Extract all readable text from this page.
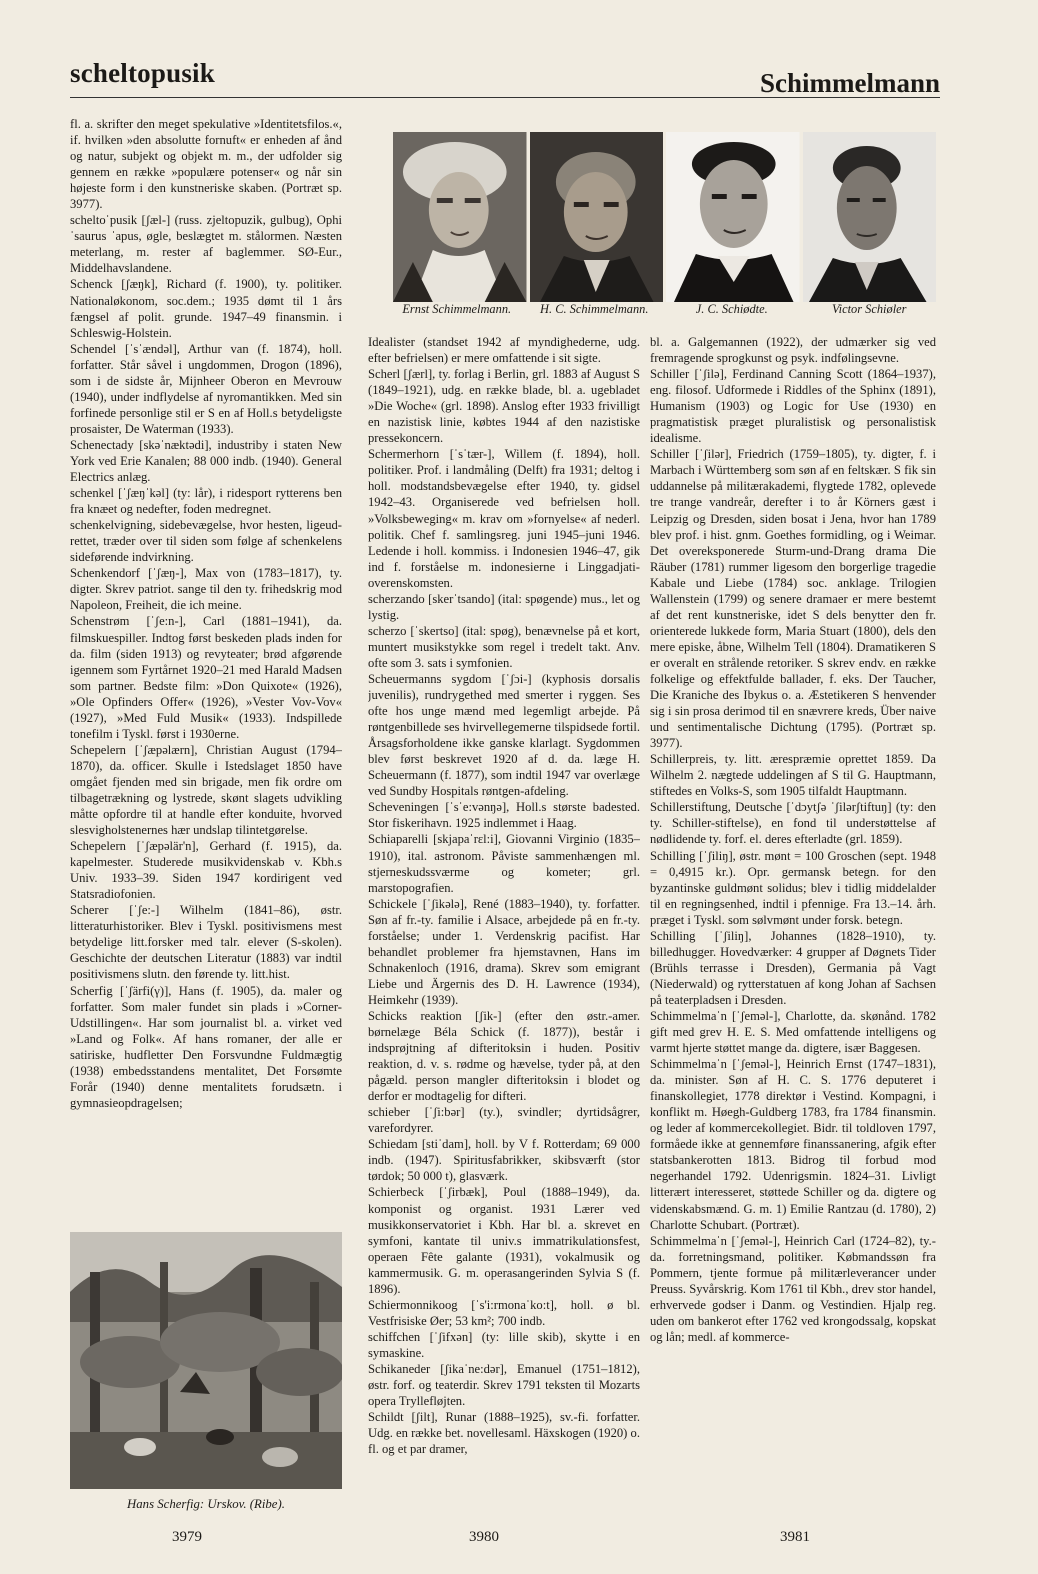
scheltopusik	Schimmelmann

fl. a. skrifter den meget spekulative »Identitetsfilos.«, if. hvilken »den absolutte fornuft« er enheden af ånd og natur, subjekt og objekt m. m., der udfolder sig gennem en række »populære potenser« og når sin højeste form i den kunstneriske skaben. (Portræt sp. 3977).

scheltoˈpusik [ʃæl-] (russ. zjeltopuzik, gulbug), Ophiˈsaurus ˈapus, øgle, beslægtet m. stålormen. Næsten meterlang, m. rester af baglemmer. SØ-Eur., Middelhavslandene.

Schenck [ʃæŋk], Richard (f. 1900), ty. politiker. Nationaløkonom, soc.dem.; 1935 dømt til 1 års fængsel af polit. grunde. 1947–49 finansmin. i Schleswig-Holstein.

Schendel [ˈsˈændəl], Arthur van (f. 1874), holl. forfatter. Står såvel i ungdommen, Drogon (1896), som i de sidste år, Mijnheer Oberon en Mevrouw (1940), under indflydelse af nyromantikken. Med sin forfinede personlige stil er S en af Holl.s betydeligste prosaister, De Waterman (1933).

Schenectady [skəˈnæktədi], industriby i staten New York ved Erie Kanalen; 88 000 indb. (1940). General Electrics anlæg.

schenkel [ˈʃæŋˈkəl] (ty: lår), i ridesport rytterens ben fra knæet og nedefter, foden medregnet.

schenkelvigning, sidebevægelse, hvor hesten, ligeud-rettet, træder over til siden som følge af schenkelens sideførende indvirkning.

Schenkendorf [ˈʃæŋ-], Max von (1783–1817), ty. digter. Skrev patriot. sange til den ty. frihedskrig mod Napoleon, Freiheit, die ich meine.

Schenstrøm [ˈʃe:n-], Carl (1881–1941), da. filmskuespiller. Indtog først beskeden plads inden for da. film (siden 1913) og revyteater; brød afgørende igennem som Fyrtårnet 1920–21 med Harald Madsen som partner. Bedste film: »Don Quixote« (1926), »Ole Opfinders Offer« (1926), »Vester Vov-Vov« (1927), »Med Fuld Musik« (1933). Indspillede tonefilm i Tyskl. først i 1930erne.

Schepelern [ˈʃæpəlærn], Christian August (1794–1870), da. officer. Skulle i Istedslaget 1850 have omgået fjenden med sin brigade, men fik ordre om tilbagetrækning og lystrede, skønt slagets udvikling måtte opfordre til at handle efter konduite, hvorved slesvigholstenernes hær undslap tilintetgørelse.

Schepelern [ˈʃæpəlär'n], Gerhard (f. 1915), da. kapelmester. Studerede musikvidenskab v. Kbh.s Univ. 1933–39. Siden 1947 kordirigent ved Statsradiofonien.

Scherer [ˈʃe:-] Wilhelm (1841–86), østr. litteraturhistoriker. Blev i Tyskl. positivismens mest betydelige litt.forsker med talr. elever (S-skolen). Geschichte der deutschen Literatur (1883) var indtil positivismens slutn. den førende ty. litt.hist.

Scherfig [ˈʃärfi(γ)], Hans (f. 1905), da. maler og forfatter. Som maler fundet sin plads i »Corner-Udstillingen«. Har som journalist bl. a. virket ved »Land og Folk«. Af hans romaner, der alle er satiriske, hudfletter Den Forsvundne Fuldmægtig (1938) embedsstandens mentalitet, Det Forsømte Forår (1940) denne mentalitets forudsætn. i gymnasieopdragelsen;

Ernst Schimmelmann.	H. C. Schimmelmann.	J. C. Schiødte.	Victor Schiøler

Idealister (standset 1942 af myndighederne, udg. efter befrielsen) er mere omfattende i sit sigte.

Scherl [ʃærl], ty. forlag i Berlin, grl. 1883 af August S (1849–1921), udg. en række blade, bl. a. ugebladet »Die Woche« (grl. 1898). Anslog efter 1933 frivilligt en nazistisk linie, købtes 1944 af den nazistiske pressekoncern.

Schermerhorn [ˈsˈtær-], Willem (f. 1894), holl. politiker. Prof. i landmåling (Delft) fra 1931; deltog i holl. modstandsbevægelse efter 1940, ty. gidsel 1942–43. Organiserede ved befrielsen holl. »Volksbeweging« m. krav om »fornyelse« af nederl. politik. Chef f. samlingsreg. juni 1945–juni 1946. Ledende i holl. kommiss. i Indonesien 1946–47, gik ind f. forståelse m. indonesierne i Linggadjati-overenskomsten.

scherzando [skerˈtsando] (ital: spøgende) mus., let og lystig.

scherzo [ˈskertso] (ital: spøg), benævnelse på et kort, muntert musikstykke som regel i tredelt takt. Anv. ofte som 3. sats i symfonien.

Scheuermanns sygdom [ˈʃɔi-] (kyphosis dorsalis juvenilis), rundrygethed med smerter i ryggen. Ses ofte hos unge mænd med legemligt arbejde. På røntgenbillede ses hvirvellegemerne tilspidsede fortil. Årsagsforholdene ikke ganske klarlagt. Sygdommen blev først beskrevet 1920 af d. da. læge H. Scheuermann (f. 1877), som indtil 1947 var overlæge ved Sundby Hospitals røntgen-afdeling.

Scheveningen [ˈsˈe:vənŋə], Holl.s største badested. Stor fiskerihavn. 1925 indlemmet i Haag.

Schiaparelli [skjapaˈrɛl:i], Giovanni Virginio (1835–1910), ital. astronom. Påviste sammenhængen ml. stjerneskudssværme og kometer; grl. marstopografien.

Schickele [ˈʃikələ], René (1883–1940), ty. forfatter. Søn af fr.-ty. familie i Alsace, arbejdede på en fr.-ty. forståelse; under 1. Verdenskrig pacifist. Har behandlet problemer fra hjemstavnen, Hans im Schnakenloch (1916, drama). Skrev som emigrant Liebe und Ärgernis des D. H. Lawrence (1934), Heimkehr (1939).

Schicks reaktion [ʃik-] (efter den østr.-amer. børnelæge Béla Schick (f. 1877)), består i indsprøjtning af difteritoksin i huden. Positiv reaktion, d. v. s. rødme og hævelse, tyder på, at den pågæld. person mangler difteritoksin i blodet og derfor er modtagelig for difteri.

schieber [ˈʃi:bər] (ty.), svindler; dyrtidsågrer, varefordyrer.

Schiedam [stiˈdam], holl. by V f. Rotterdam; 69 000 indb. (1947). Spiritusfabrikker, skibsværft (stor tørdok; 50 000 t), glasværk.

Schierbeck [ˈʃirbæk], Poul (1888–1949), da. komponist og organist. 1931 Lærer ved musikkonservatoriet i Kbh. Har bl. a. skrevet en symfoni, kantate til univ.s immatrikulationsfest, operaen Fête galante (1931), vokalmusik og kammermusik. G. m. operasangerinden Sylvia S (f. 1896).

Schiermonnikoog [ˈs'i:rmonaˈko:t], holl. ø bl. Vestfrisiske Øer; 53 km²; 700 indb.

schiffchen [ˈʃifxən] (ty: lille skib), skytte i en symaskine.

Schikaneder [ʃikaˈne:dər], Emanuel (1751–1812), østr. forf. og teaterdir. Skrev 1791 teksten til Mozarts opera Tryllefløjten.

Schildt [ʃilt], Runar (1888–1925), sv.-fi. forfatter. Udg. en række bet. novellesaml. Häxskogen (1920) o. fl. og et par dramer,

bl. a. Galgemannen (1922), der udmærker sig ved fremragende sprogkunst og psyk. indfølingsevne.

Schiller [ˈʃilə], Ferdinand Canning Scott (1864–1937), eng. filosof. Udformede i Riddles of the Sphinx (1891), Humanism (1903) og Logic for Use (1930) en pragmatistisk præget pluralistisk og personalistisk idealisme.

Schiller [ˈʃilər], Friedrich (1759–1805), ty. digter, f. i Marbach i Württemberg som søn af en feltskær. S fik sin uddannelse på militærakademi, flygtede 1782, oplevede tre trange vandreår, derefter i to år Körners gæst i Leipzig og Dresden, siden bosat i Jena, hvor han 1789 blev prof. i hist. gnm. Goethes formidling, og i Weimar. Det overeksponerede Sturm-und-Drang drama Die Räuber (1781) rummer ligesom den borgerlige tragedie Kabale und Liebe (1784) soc. anklage. Trilogien Wallenstein (1799) og senere dramaer er mere bestemt af det rent kunstneriske, idet S dels benytter den fr. orienterede lukkede form, Maria Stuart (1800), dels den mere episke, åbne, Wilhelm Tell (1804). Dramatikeren S er overalt en strålende retoriker. S skrev endv. en række folkelige og effektfulde ballader, f. eks. Der Taucher, Die Kraniche des Ibykus o. a. Æstetikeren S henvender sig i sin prosa derimod til en snævrere kreds, Über naive und sentimentalische Dichtung (1795). (Portræt sp. 3977).

Schillerpreis, ty. litt. ærespræmie oprettet 1859. Da Wilhelm 2. nægtede uddelingen af S til G. Hauptmann, stiftedes en Volks-S, som 1905 tilfaldt Hauptmann.

Schillerstiftung, Deutsche [ˈdɔytʃə ˈʃilərʃtiftuŋ] (ty: den ty. Schiller-stiftelse), en fond til understøttelse af nødlidende ty. forf. el. deres efterladte (grl. 1859).

Schilling [ˈʃiliŋ], østr. mønt = 100 Groschen (sept. 1948 = 0,4915 kr.). Opr. germansk betegn. for den byzantinske guldmønt solidus; blev i tidlig middelalder til en regningsenhed, indtil i pfennige. Fra 13.–14. årh. præget i Tyskl. som sølvmønt under forsk. betegn.

Schilling [ˈʃiliŋ], Johannes (1828–1910), ty. billedhugger. Hovedværker: 4 grupper af Døgnets Tider (Brühls terrasse i Dresden), Germania på Vagt (Niederwald) og rytterstatuen af kong Johan af Sachsen på teaterpladsen i Dresden.

Schimmelmaˈn [ˈʃeməl-], Charlotte, da. skønånd. 1782 gift med grev H. E. S. Med omfattende intelligens og varmt hjerte støttet mange da. digtere, især Baggesen.

Schimmelmaˈn [ˈʃeməl-], Heinrich Ernst (1747–1831), da. minister. Søn af H. C. S. 1776 deputeret i finanskollegiet, 1778 direktør i Vestind. Kompagni, i konflikt m. Høegh-Guldberg 1783, fra 1784 finansmin. og leder af kommercekollegiet. Bidr. til toldloven 1797, formåede ikke at gennemføre finanssanering, afgik efter statsbankerotten 1813. Bidrog til forbud mod negerhandel 1792. Udenrigsmin. 1824–31. Livligt litterært interesseret, støttede Schiller og da. digtere og videnskabsmænd. G. m. 1) Emilie Rantzau (d. 1780), 2) Charlotte Schubart. (Portræt).

Schimmelmaˈn [ˈʃeməl-], Heinrich Carl (1724–82), ty.-da. forretningsmand, politiker. Købmandssøn fra Pommern, tjente formue på militærleverancer under Preuss. Syvårskrig. Kom 1761 til Kbh., drev stor handel, erhvervede godser i Danm. og Vestindien. Hjalp reg. uden om bankerot efter 1762 ved krongodssalg, kopskat og lån; medl. af kommerce-

Hans Scherfig: Urskov. (Ribe).
3979	3980	3981
